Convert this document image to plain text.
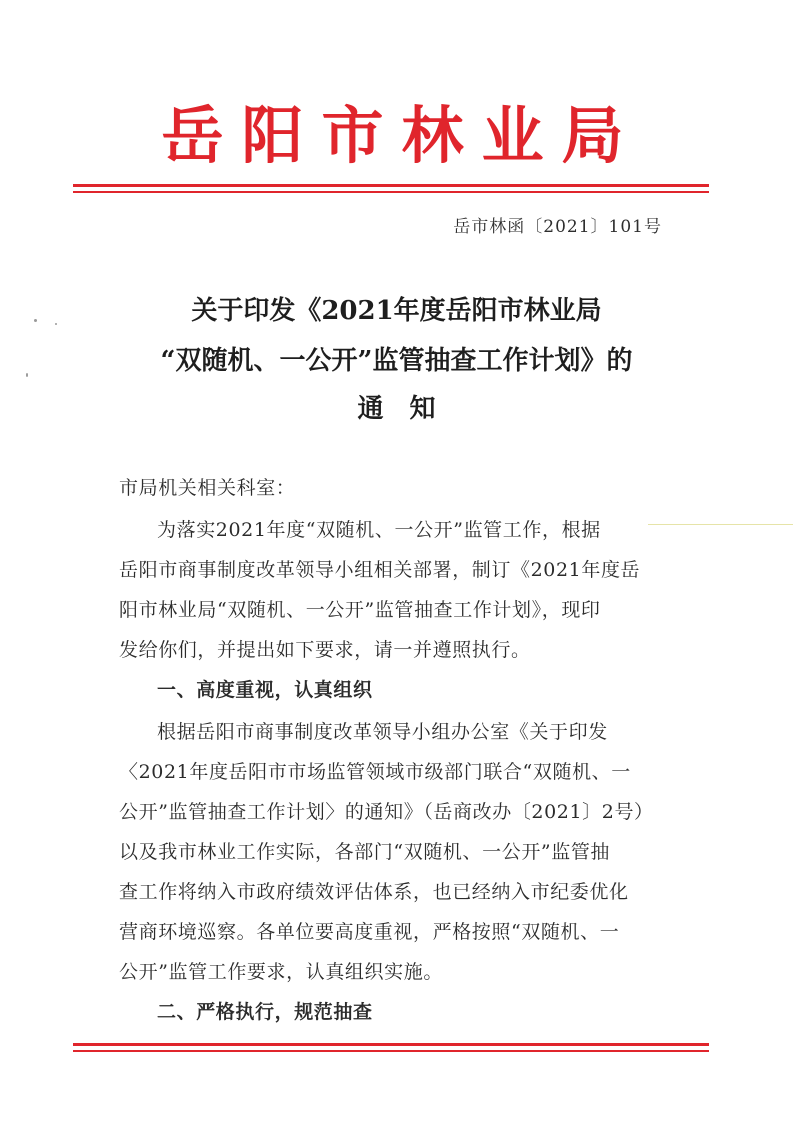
岳阳市林业局
岳市林函〔2021〕101号
关于印发《2021年度岳阳市林业局
“双随机、一公开”监管抽查工作计划》的
通知
市局机关相关科室：
为落实2021年度“双随机、一公开”监管工作，根据
岳阳市商事制度改革领导小组相关部署，制订《2021年度岳
阳市林业局“双随机、一公开”监管抽查工作计划》，现印
发给你们，并提出如下要求，请一并遵照执行。
一、高度重视，认真组织
根据岳阳市商事制度改革领导小组办公室《关于印发
〈2021年度岳阳市市场监管领域市级部门联合“双随机、一
公开”监管抽查工作计划〉的通知》（岳商改办〔2021〕2号）
以及我市林业工作实际，各部门“双随机、一公开”监管抽
查工作将纳入市政府绩效评估体系，也已经纳入市纪委优化
营商环境巡察。各单位要高度重视，严格按照“双随机、一
公开”监管工作要求，认真组织实施。
二、严格执行，规范抽查
